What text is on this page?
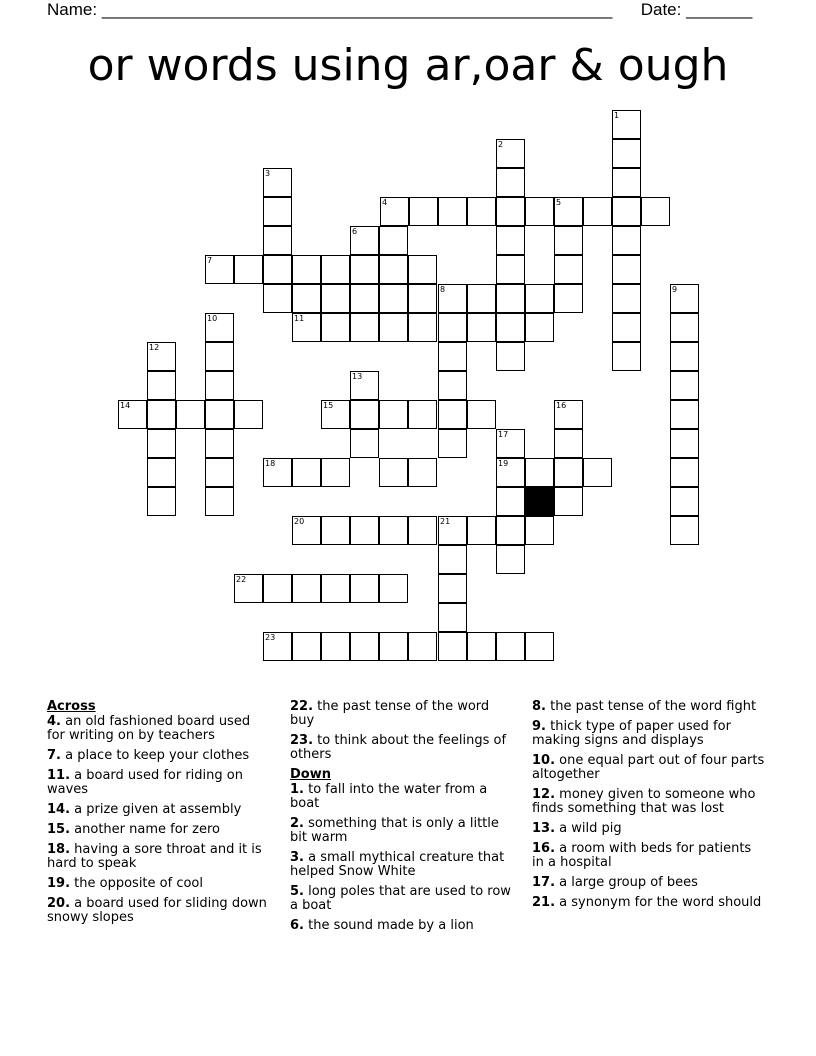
Name: ______________________________________________________ Date: _______
or words using ar,oar & ough
1
2
3
4	5
6
7
8	9
11
10
12
14
13
15	16
17
19
18
20	21
22
23
Across
4. an old fashioned board used for writing on by teachers
7. a place to keep your clothes
11. a board used for riding on waves
14. a prize given at assembly
15. another name for zero
18. having a sore throat and it is hard to speak
19. the opposite of cool
20. a board used for sliding down snowy slopes
22. the past tense of the word buy
23. to think about the feelings of others
Down
1. to fall into the water from a boat
2. something that is only a little bit warm
3. a small mythical creature that helped Snow White
5. long poles that are used to row a boat
6. the sound made by a lion
8. the past tense of the word fight
9. thick type of paper used for making signs and displays
10. one equal part out of four parts altogether
12. money given to someone who finds something that was lost
13. a wild pig
16. a room with beds for patients in a hospital
17. a large group of bees
21. a synonym for the word should
